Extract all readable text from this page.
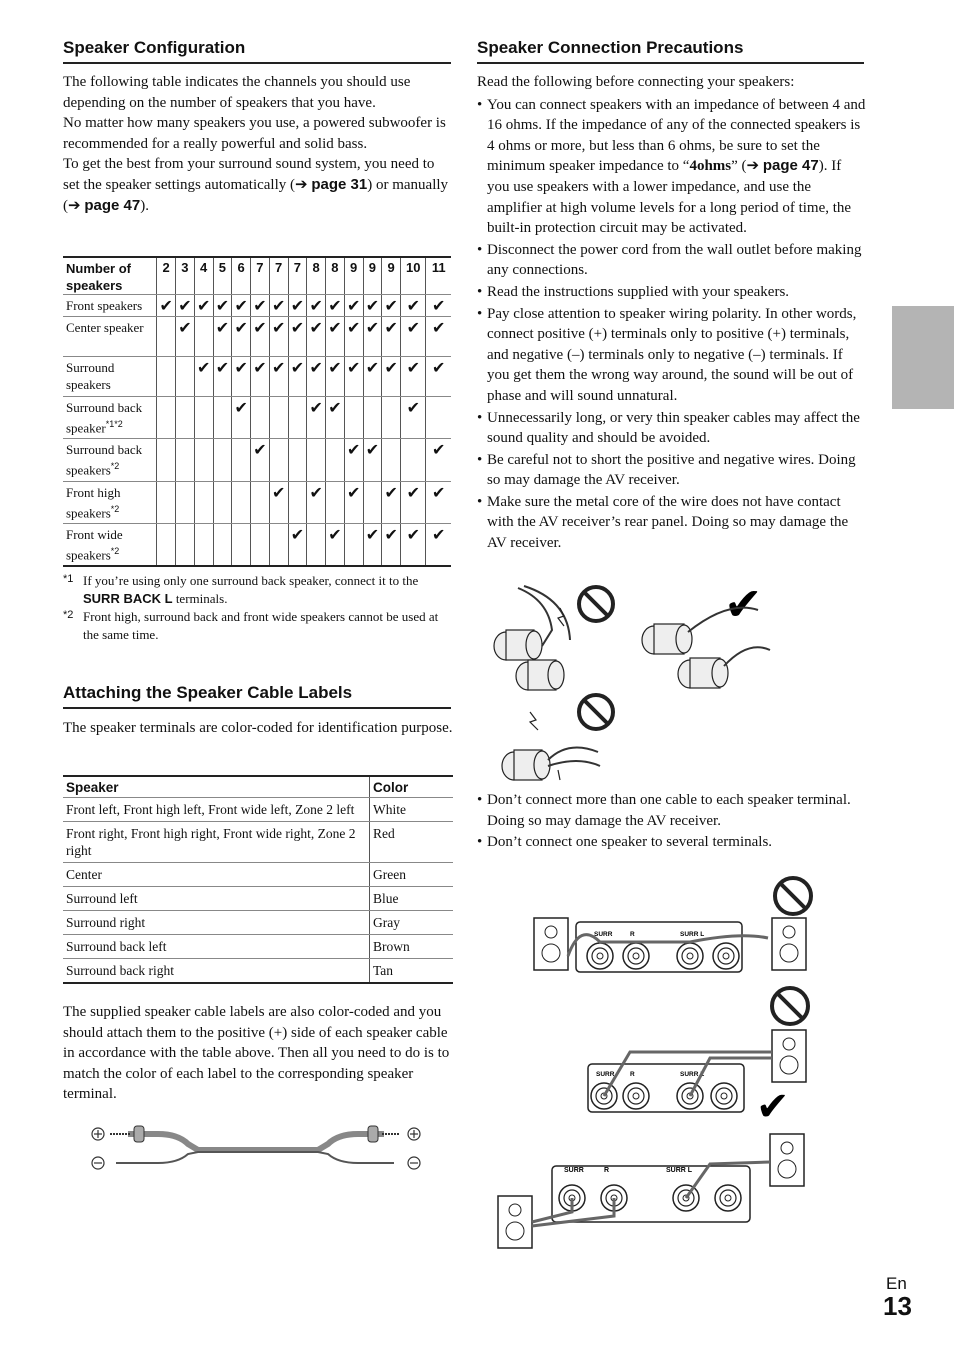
Speaker Configuration

The following table indicates the channels you should use depending on the number of speakers that you have.

No matter how many speakers you use, a powered subwoofer is recommended for a really powerful and solid bass.

To get the best from your surround sound system, you need to set the speaker settings automatically (➔ page 31) or manually (➔ page 47).

Number of speakers	2	3	4	5	6	7	7	7	8	8	9	9	9	10	11
Front speakers	✔	✔	✔	✔	✔	✔	✔	✔	✔	✔	✔	✔	✔	✔	✔
Center speaker		✔		✔	✔	✔	✔	✔	✔	✔	✔	✔	✔	✔	✔
Surround speakers			✔	✔	✔	✔	✔	✔	✔	✔	✔	✔	✔	✔	✔
Surround back speaker$^{*1*2}$					✔				✔	✔				✔	
Surround back speakers$^{*2}$						✔					✔	✔			✔
Front high speakers$^{*2}$							✔		✔		✔		✔	✔	✔
Front wide speakers$^{*2}$								✔		✔		✔	✔	✔	✔
*1 If you’re using only one surround back speaker, connect it to the SURR BACK L terminals.
*2 Front high, surround back and front wide speakers cannot be used at the same time.
Attaching the Speaker Cable Labels
The speaker terminals are color-coded for identification purpose.
Speaker	Color
Front left, Front high left, Front wide left, Zone 2 left	White
Front right, Front high right, Front wide right, Zone 2 right	Red
Center	Green
Surround left	Blue
Surround right	Gray
Surround back left	Brown
Surround back right	Tan
The supplied speaker cable labels are also color-coded and you should attach them to the positive (+) side of each speaker cable in accordance with the table above. Then all you need to do is to match the color of each label to the corresponding speaker terminal.
Speaker Connection Precautions

Read the following before connecting your speakers:

• You can connect speakers with an impedance of between 4 and 16 ohms. If the impedance of any of the connected speakers is 4 ohms or more, but less than 6 ohms, be sure to set the minimum speaker impedance to “4ohms” (➔ page 47). If you use speakers with a lower impedance, and use the amplifier at high volume levels for a long period of time, the built-in protection circuit may be activated.
• Disconnect the power cord from the wall outlet before making any connections.
• Read the instructions supplied with your speakers.
• Pay close attention to speaker wiring polarity. In other words, connect positive (+) terminals only to positive (+) terminals, and negative (–) terminals only to negative (–) terminals. If you get them the wrong way around, the sound will be out of phase and will sound unnatural.
• Unnecessarily long, or very thin speaker cables may affect the sound quality and should be avoided.
• Be careful not to short the positive and negative wires. Doing so may damage the AV receiver.
• Make sure the metal core of the wire does not have contact with the AV receiver’s rear panel. Doing so may damage the AV receiver.
✔
• Don’t connect more than one cable to each speaker terminal. Doing so may damage the AV receiver.
• Don’t connect one speaker to several terminals.
SURR	R	SURR L
SURR R	SURR L
✔
SURR	R	SURR L
En
13
